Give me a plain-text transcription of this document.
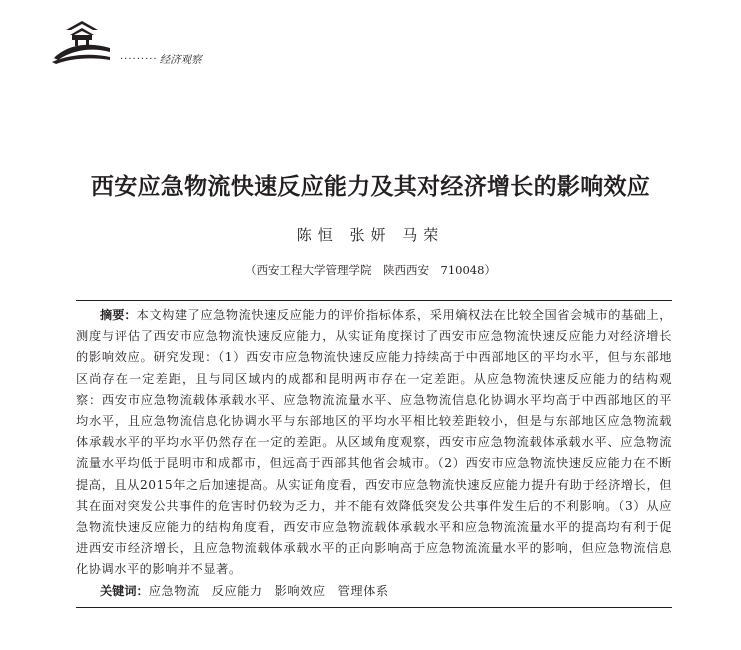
········· 经济观察
西安应急物流快速反应能力及其对经济增长的影响效应
陈恒 张妍 马荣
（西安工程大学管理学院　陕西西安　710048）

摘要：本文构建了应急物流快速反应能力的评价指标体系，采用熵权法在比较全国省会城市的基础上，测度与评估了西安市应急物流快速反应能力，从实证角度探讨了西安市应急物流快速反应能力对经济增长的影响效应。研究发现：（1）西安市应急物流快速反应能力持续高于中西部地区的平均水平，但与东部地区尚存在一定差距，且与同区域内的成都和昆明两市存在一定差距。从应急物流快速反应能力的结构观察：西安市应急物流载体承载水平、应急物流流量水平、应急物流信息化协调水平均高于中西部地区的平均水平，且应急物流信息化协调水平与东部地区的平均水平相比较差距较小，但是与东部地区应急物流载体承载水平的平均水平仍然存在一定的差距。从区域角度观察，西安市应急物流载体承载水平、应急物流流量水平均低于昆明市和成都市，但远高于西部其他省会城市。（2）西安市应急物流快速反应能力在不断提高，且从2015年之后加速提高。从实证角度看，西安市应急物流快速反应能力提升有助于经济增长，但其在面对突发公共事件的危害时仍较为乏力，并不能有效降低突发公共事件发生后的不利影响。（3）从应急物流快速反应能力的结构角度看，西安市应急物流载体承载水平和应急物流流量水平的提高均有利于促进西安市经济增长，且应急物流载体承载水平的正向影响高于应急物流流量水平的影响，但应急物流信息化协调水平的影响并不显著。

关键词：应急物流 反应能力 影响效应 管理体系
